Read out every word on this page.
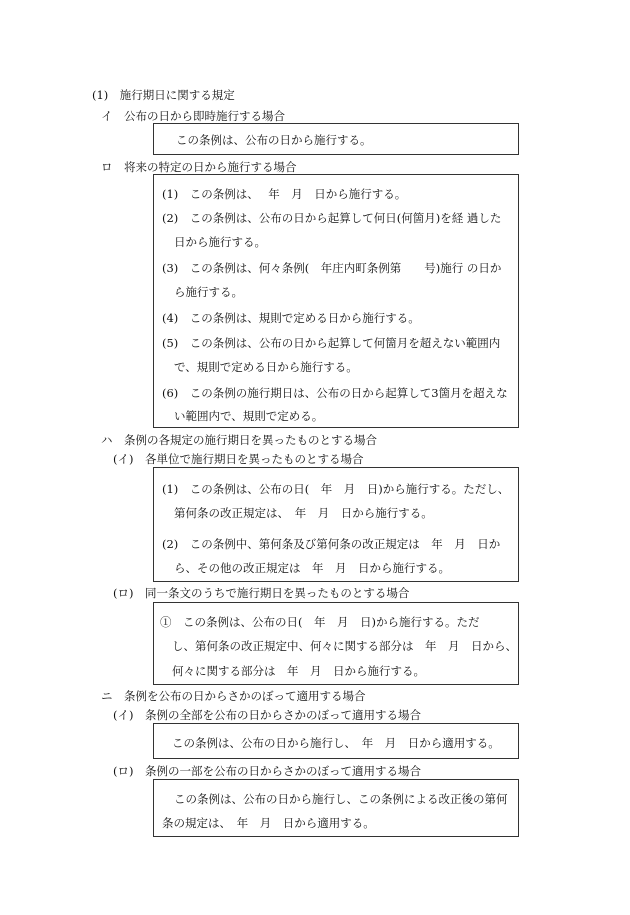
(1)　施行期日に関する規定
イ　公布の日から即時施行する場合
この条例は、公布の日から施行する。
ロ　将来の特定の日から施行する場合
(1)　この条例は、　 年　月　日から施行する。
(2)　この条例は、公布の日から起算して何日(何箇月)を経 過した
日から施行する。
(3)　この条例は、何々条例(　年庄内町条例第　　号)施行 の日か
ら施行する。
(4)　この条例は、規則で定める日から施行する。
(5)　この条例は、公布の日から起算して何箇月を超えない範囲内
で、規則で定める日から施行する。
(6)　この条例の施行期日は、公布の日から起算して3箇月を超えな
い範囲内で、規則で定める。
ハ　条例の各規定の施行期日を異ったものとする場合
(イ)　各単位で施行期日を異ったものとする場合
(1)　この条例は、公布の日(　年　月　日)から施行する。ただし、
第何条の改正規定は、　年　月　日から施行する。
(2)　この条例中、第何条及び第何条の改正規定は　年　月　日か
ら、その他の改正規定は　年　月　日から施行する。
(ロ)　同一条文のうちで施行期日を異ったものとする場合
①　この条例は、公布の日(　年　月　日)から施行する。ただ
し、第何条の改正規定中、何々に関する部分は　年　月　日から、
何々に関する部分は　年　月　日から施行する。
ニ　条例を公布の日からさかのぼって適用する場合
(イ)　条例の全部を公布の日からさかのぼって適用する場合
この条例は、公布の日から施行し、　年　月　日から適用する。
(ロ)　条例の一部を公布の日からさかのぼって適用する場合
この条例は、公布の日から施行し、この条例による改正後の第何
条の規定は、　年　月　日から適用する。
